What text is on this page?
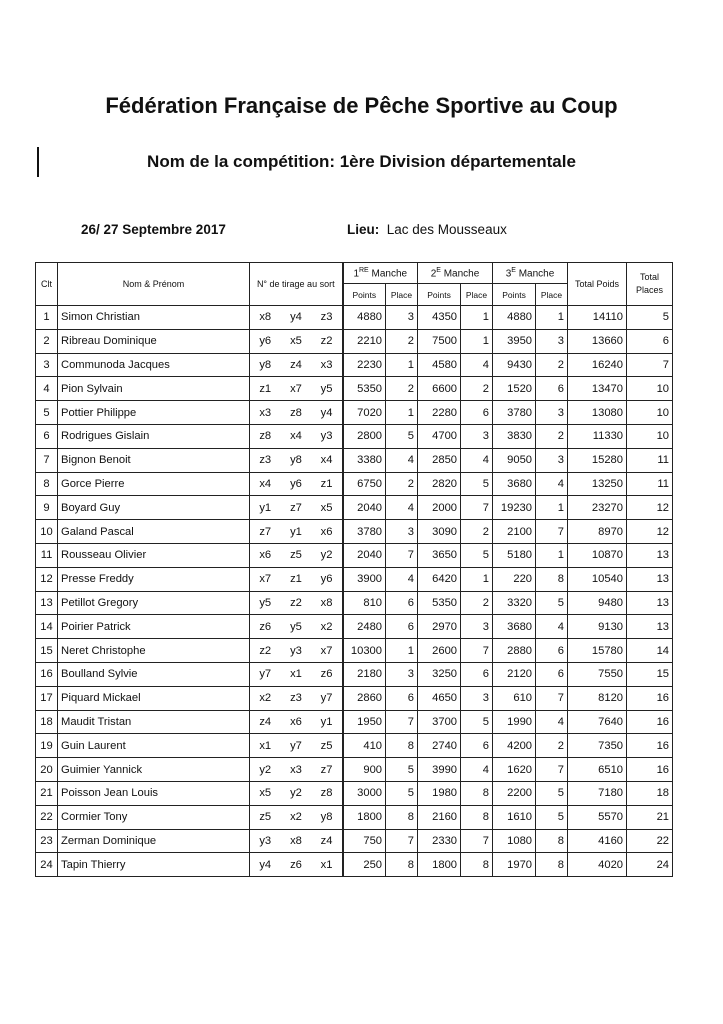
Fédération Française de Pêche Sportive au Coup
Nom de la compétition: 1ère Division départementale
26/ 27 Septembre 2017	Lieu: Lac des Mousseaux
Clt	Nom & Prénom	N° de tirage au sort			1RE Manche		$2^E$ Manche		$3^E$ Manche		Total Poids	Total Places
					Points	Place	Points	Place	Points	Place		
1	Simon Christian	x8	y4	z3	4880	3	4350	1	4880	1	14110	5
2	Ribreau Dominique	y6	x5	z2	2210	2	7500	1	3950	3	13660	6
3	Communoda Jacques	y8	z4	x3	2230	1	4580	4	9430	2	16240	7
4	Pion Sylvain	z1	x7	y5	5350	2	6600	2	1520	6	13470	10
5	Pottier Philippe	x3	z8	y4	7020	1	2280	6	3780	3	13080	10
6	Rodrigues Gislain	z8	x4	y3	2800	5	4700	3	3830	2	11330	10
7	Bignon Benoit	z3	y8	x4	3380	4	2850	4	9050	3	15280	11
8	Gorce Pierre	x4	y6	z1	6750	2	2820	5	3680	4	13250	11
9	Boyard Guy	y1	z7	x5	2040	4	2000	7	19230	1	23270	12
10	Galand Pascal	z7	y1	x6	3780	3	3090	2	2100	7	8970	12
11	Rousseau Olivier	x6	z5	y2	2040	7	3650	5	5180	1	10870	13
12	Presse Freddy	x7	z1	y6	3900	4	6420	1	220	8	10540	13
13	Petillot Gregory	y5	z2	x8	810	6	5350	2	3320	5	9480	13
14	Poirier Patrick	z6	y5	x2	2480	6	2970	3	3680	4	9130	13
15	Neret Christophe	z2	y3	x7	10300	1	2600	7	2880	6	15780	14
16	Boulland Sylvie	y7	x1	z6	2180	3	3250	6	2120	6	7550	15
17	Piquard Mickael	x2	z3	y7	2860	6	4650	3	610	7	8120	16
18	Maudit Tristan	z4	x6	y1	1950	7	3700	5	1990	4	7640	16
19	Guin Laurent	x1	y7	z5	410	8	2740	6	4200	2	7350	16
20	Guimier Yannick	y2	x3	z7	900	5	3990	4	1620	7	6510	16
21	Poisson Jean Louis	x5	y2	z8	3000	5	1980	8	2200	5	7180	18
22	Cormier Tony	z5	x2	y8	1800	8	2160	8	1610	5	5570	21
23	Zerman Dominique	y3	x8	z4	750	7	2330	7	1080	8	4160	22
24	Tapin Thierry	y4	z6	x1	250	8	1800	8	1970	8	4020	24
